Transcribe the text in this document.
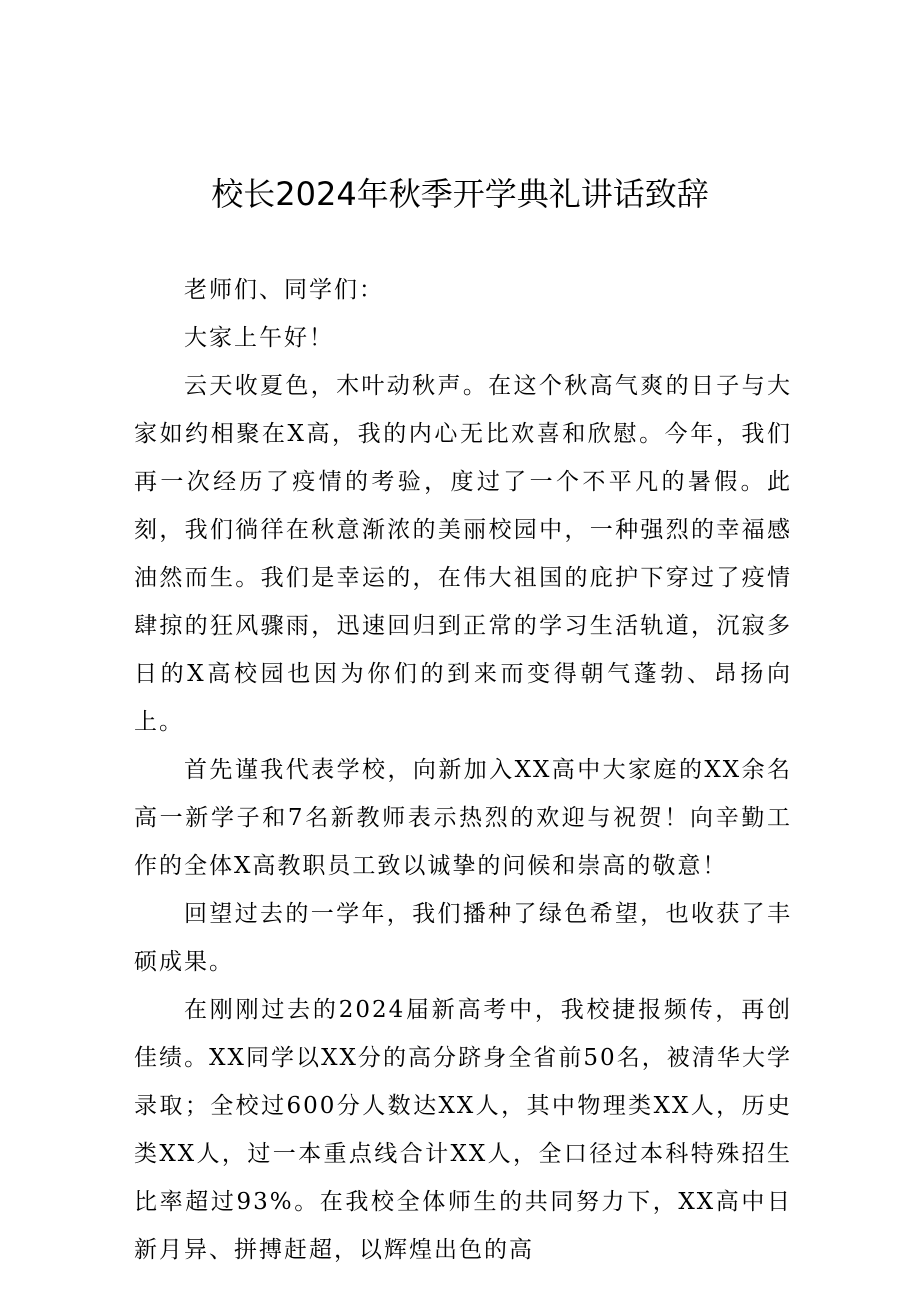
校长2024年秋季开学典礼讲话致辞

老师们、同学们：

大家上午好！

云天收夏色，木叶动秋声。在这个秋高气爽的日子与大家如约相聚在X高，我的内心无比欢喜和欣慰。今年，我们再一次经历了疫情的考验，度过了一个不平凡的暑假。此刻，我们徜徉在秋意渐浓的美丽校园中，一种强烈的幸福感油然而生。我们是幸运的，在伟大祖国的庇护下穿过了疫情肆掠的狂风骤雨，迅速回归到正常的学习生活轨道，沉寂多日的X高校园也因为你们的到来而变得朝气蓬勃、昂扬向上。

首先谨我代表学校，向新加入XX高中大家庭的XX余名高一新学子和7名新教师表示热烈的欢迎与祝贺！向辛勤工作的全体X高教职员工致以诚挚的问候和崇高的敬意！

回望过去的一学年，我们播种了绿色希望，也收获了丰硕成果。

在刚刚过去的2024届新高考中，我校捷报频传，再创佳绩。XX同学以XX分的高分跻身全省前50名，被清华大学录取；全校过600分人数达XX人，其中物理类XX人，历史类XX人，过一本重点线合计XX人，全口径过本科特殊招生比率超过93%。在我校全体师生的共同努力下，XX高中日新月异、拼搏赶超，以辉煌出色的高
